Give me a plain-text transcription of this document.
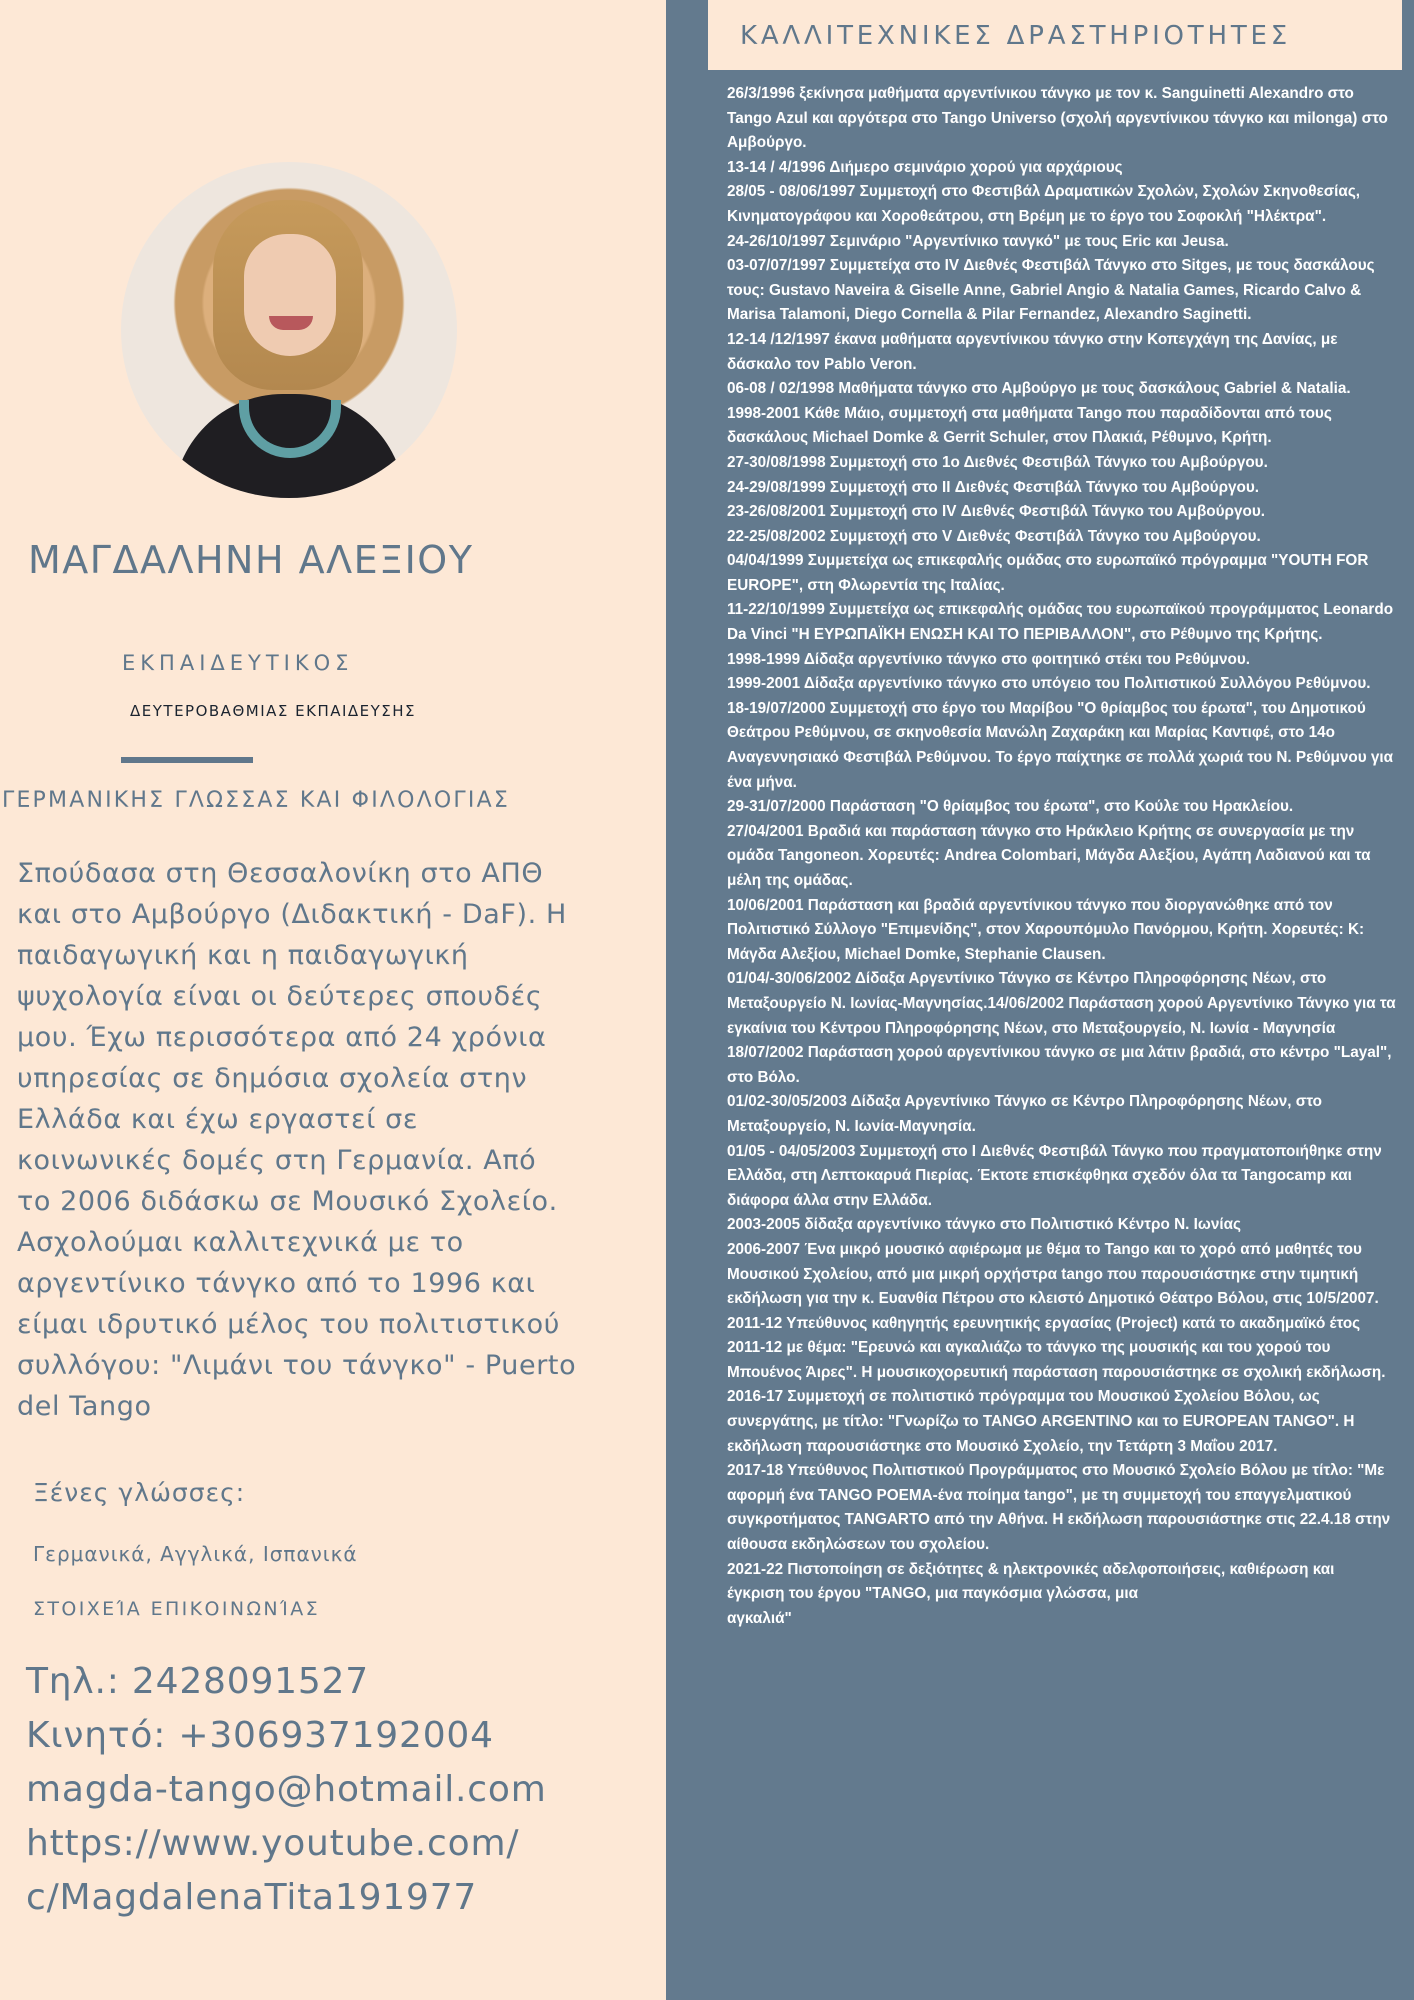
ΜΑΓΔΑΛΗΝΗ ΑΛΕΞΙΟΥ
ΕΚΠΑΙΔΕΥΤΙΚΟΣ
ΔΕΥΤΕΡΟΒΑΘΜΙΑΣ ΕΚΠΑΙΔΕΥΣΗΣ
ΓΕΡΜΑΝΙΚΗΣ ΓΛΩΣΣΑΣ ΚΑΙ ΦΙΛΟΛΟΓΙΑΣ

Σπούδασα στη Θεσσαλονίκη στο ΑΠΘ και στο Αμβούργο (Διδακτική - DaF). Η παιδαγωγική και η παιδαγωγική ψυχολογία είναι οι δεύτερες σπουδές μου. Έχω περισσότερα από 24 χρόνια υπηρεσίας σε δημόσια σχολεία στην Ελλάδα και έχω εργαστεί σε κοινωνικές δομές στη Γερμανία. Από το 2006 διδάσκω σε Μουσικό Σχολείο. Ασχολούμαι καλλιτεχνικά με το αργεντίνικο τάνγκο από το 1996 και είμαι ιδρυτικό μέλος του πολιτιστικού συλλόγου: "Λιμάνι του τάνγκο" - Puerto del Tango

Ξένες γλώσσες:
Γερμανικά, Αγγλικά, Ισπανικά
ΣΤΟΙΧΕΊΑ ΕΠΙΚΟΙΝΩΝΊΑΣ
Τηλ.: 2428091527
Κινητό: +306937192004
magda-tango@hotmail.com
https://www.youtube.com/
c/MagdalenaTita191977
ΚΑΛΛΙΤΕΧΝΙΚΕΣ ΔΡΑΣΤΗΡΙΟΤΗΤΕΣ

26/3/1996 ξεκίνησα μαθήματα αργεντίνικου τάνγκο με τον κ. Sanguinetti Alexandro στο Tango Azul και αργότερα στο Tango Universo (σχολή αργεντίνικου τάνγκο και milonga) στο Αμβούργο.

13-14 / 4/1996 Διήμερο σεμινάριο χορού για αρχάριους

28/05 - 08/06/1997 Συμμετοχή στο Φεστιβάλ Δραματικών Σχολών, Σχολών Σκηνοθεσίας, Κινηματογράφου και Χοροθεάτρου, στη Βρέμη με το έργο του Σοφοκλή "Ηλέκτρα".

24-26/10/1997 Σεμινάριο "Αργεντίνικο τανγκό" με τους Eric και Jeusa.

03-07/07/1997 Συμμετείχα στο IV Διεθνές Φεστιβάλ Τάνγκο στο Sitges, με τους δασκάλους τους: Gustavo Naveira & Giselle Anne, Gabriel Angio & Natalia Games, Ricardo Calvo & Marisa Talamoni, Diego Cornella & Pilar Fernandez, Alexandro Saginetti.

12-14 /12/1997 έκανα μαθήματα αργεντίνικου τάνγκο στην Κοπεγχάγη της Δανίας, με δάσκαλο τον Pablo Veron.

06-08 / 02/1998 Μαθήματα τάνγκο στο Αμβούργο με τους δασκάλους Gabriel & Natalia.

1998-2001 Κάθε Μάιο, συμμετοχή στα μαθήματα Tango που παραδίδονται από τους δασκάλους Michael Domke & Gerrit Schuler, στον Πλακιά, Ρέθυμνο, Κρήτη.

27-30/08/1998 Συμμετοχή στο 1ο Διεθνές Φεστιβάλ Τάνγκο του Αμβούργου.

24-29/08/1999 Συμμετοχή στο II Διεθνές Φεστιβάλ Τάνγκο του Αμβούργου.

23-26/08/2001 Συμμετοχή στο IV Διεθνές Φεστιβάλ Τάνγκο του Αμβούργου.

22-25/08/2002 Συμμετοχή στο V Διεθνές Φεστιβάλ Τάνγκο του Αμβούργου.

04/04/1999 Συμμετείχα ως επικεφαλής ομάδας στο ευρωπαϊκό πρόγραμμα "YOUTH FOR EUROPE", στη Φλωρεντία της Ιταλίας.

11-22/10/1999 Συμμετείχα ως επικεφαλής ομάδας του ευρωπαϊκού προγράμματος Leonardo Da Vinci "Η ΕΥΡΩΠΑΪΚΗ ΕΝΩΣΗ ΚΑΙ ΤΟ ΠΕΡΙΒΑΛΛΟΝ", στο Ρέθυμνο της Κρήτης.

1998-1999 Δίδαξα αργεντίνικο τάνγκο στο φοιτητικό στέκι του Ρεθύμνου.

1999-2001 Δίδαξα αργεντίνικο τάνγκο στο υπόγειο του Πολιτιστικού Συλλόγου Ρεθύμνου.

18-19/07/2000 Συμμετοχή στο έργο του Μαρίβου "Ο θρίαμβος του έρωτα", του Δημοτικού Θεάτρου Ρεθύμνου, σε σκηνοθεσία Μανώλη Ζαχαράκη και Μαρίας Καντιφέ, στο 14ο Αναγεννησιακό Φεστιβάλ Ρεθύμνου. Το έργο παίχτηκε σε πολλά χωριά του Ν. Ρεθύμνου για ένα μήνα.

29-31/07/2000 Παράσταση "Ο θρίαμβος του έρωτα", στο Κούλε του Ηρακλείου.

27/04/2001 Βραδιά και παράσταση τάνγκο στο Ηράκλειο Κρήτης σε συνεργασία με την ομάδα Tangoneon. Χορευτές: Andrea Colombari, Μάγδα Αλεξίου, Αγάπη Λαδιανού και τα μέλη της ομάδας.

10/06/2001 Παράσταση και βραδιά αργεντίνικου τάνγκο που διοργανώθηκε από τον Πολιτιστικό Σύλλογο "Επιμενίδης", στον Χαρουπόμυλο Πανόρμου, Κρήτη. Χορευτές: Κ: Μάγδα Αλεξίου, Michael Domke, Stephanie Clausen.

01/04/-30/06/2002 Δίδαξα Αργεντίνικο Τάνγκο σε Κέντρο Πληροφόρησης Νέων, στο Μεταξουργείο Ν. Ιωνίας-Μαγνησίας.14/06/2002 Παράσταση χορού Αργεντίνικο Τάνγκο για τα εγκαίνια του Κέντρου Πληροφόρησης Νέων, στο Μεταξουργείο, Ν. Ιωνία - Μαγνησία

18/07/2002 Παράσταση χορού αργεντίνικου τάνγκο σε μια λάτιν βραδιά, στο κέντρο "Layal", στο Βόλο.

01/02-30/05/2003 Δίδαξα Αργεντίνικο Τάνγκο σε Κέντρο Πληροφόρησης Νέων, στο Μεταξουργείο, Ν. Ιωνία-Μαγνησία.

01/05 - 04/05/2003 Συμμετοχή στο I Διεθνές Φεστιβάλ Τάνγκο που πραγματοποιήθηκε στην Ελλάδα, στη Λεπτοκαρυά Πιερίας. Έκτοτε επισκέφθηκα σχεδόν όλα τα Tangocamp και διάφορα άλλα στην Ελλάδα.

2003-2005 δίδαξα αργεντίνικο τάνγκο στο Πολιτιστικό Κέντρο Ν. Ιωνίας

2006-2007 Ένα μικρό μουσικό αφιέρωμα με θέμα το Tango και το χορό από μαθητές του Μουσικού Σχολείου, από μια μικρή ορχήστρα tango που παρουσιάστηκε στην τιμητική εκδήλωση για την κ. Ευανθία Πέτρου στο κλειστό Δημοτικό Θέατρο Βόλου, στις 10/5/2007.

2011-12 Υπεύθυνος καθηγητής ερευνητικής εργασίας (Project) κατά το ακαδημαϊκό έτος 2011-12 με θέμα: "Ερευνώ και αγκαλιάζω το τάνγκο της μουσικής και του χορού του Μπουένος Άιρες". Η μουσικοχορευτική παράσταση παρουσιάστηκε σε σχολική εκδήλωση.

2016-17 Συμμετοχή σε πολιτιστικό πρόγραμμα του Μουσικού Σχολείου Βόλου, ως συνεργάτης, με τίτλο: "Γνωρίζω το TANGO ARGENTINO και το EUROPEAN TANGO". Η εκδήλωση παρουσιάστηκε στο Μουσικό Σχολείο, την Τετάρτη 3 Μαΐου 2017.

2017-18 Υπεύθυνος Πολιτιστικού Προγράμματος στο Μουσικό Σχολείο Βόλου με τίτλο: "Με αφορμή ένα TANGO POEMA-ένα ποίημα tango", με τη συμμετοχή του επαγγελματικού συγκροτήματος TANGARTO από την Αθήνα. Η εκδήλωση παρουσιάστηκε στις 22.4.18 στην αίθουσα εκδηλώσεων του σχολείου.

2021-22 Πιστοποίηση σε δεξιότητες & ηλεκτρονικές αδελφοποιήσεις, καθιέρωση και

έγκριση του έργου "TANGO, μια παγκόσμια γλώσσα, μια

αγκαλιά"
